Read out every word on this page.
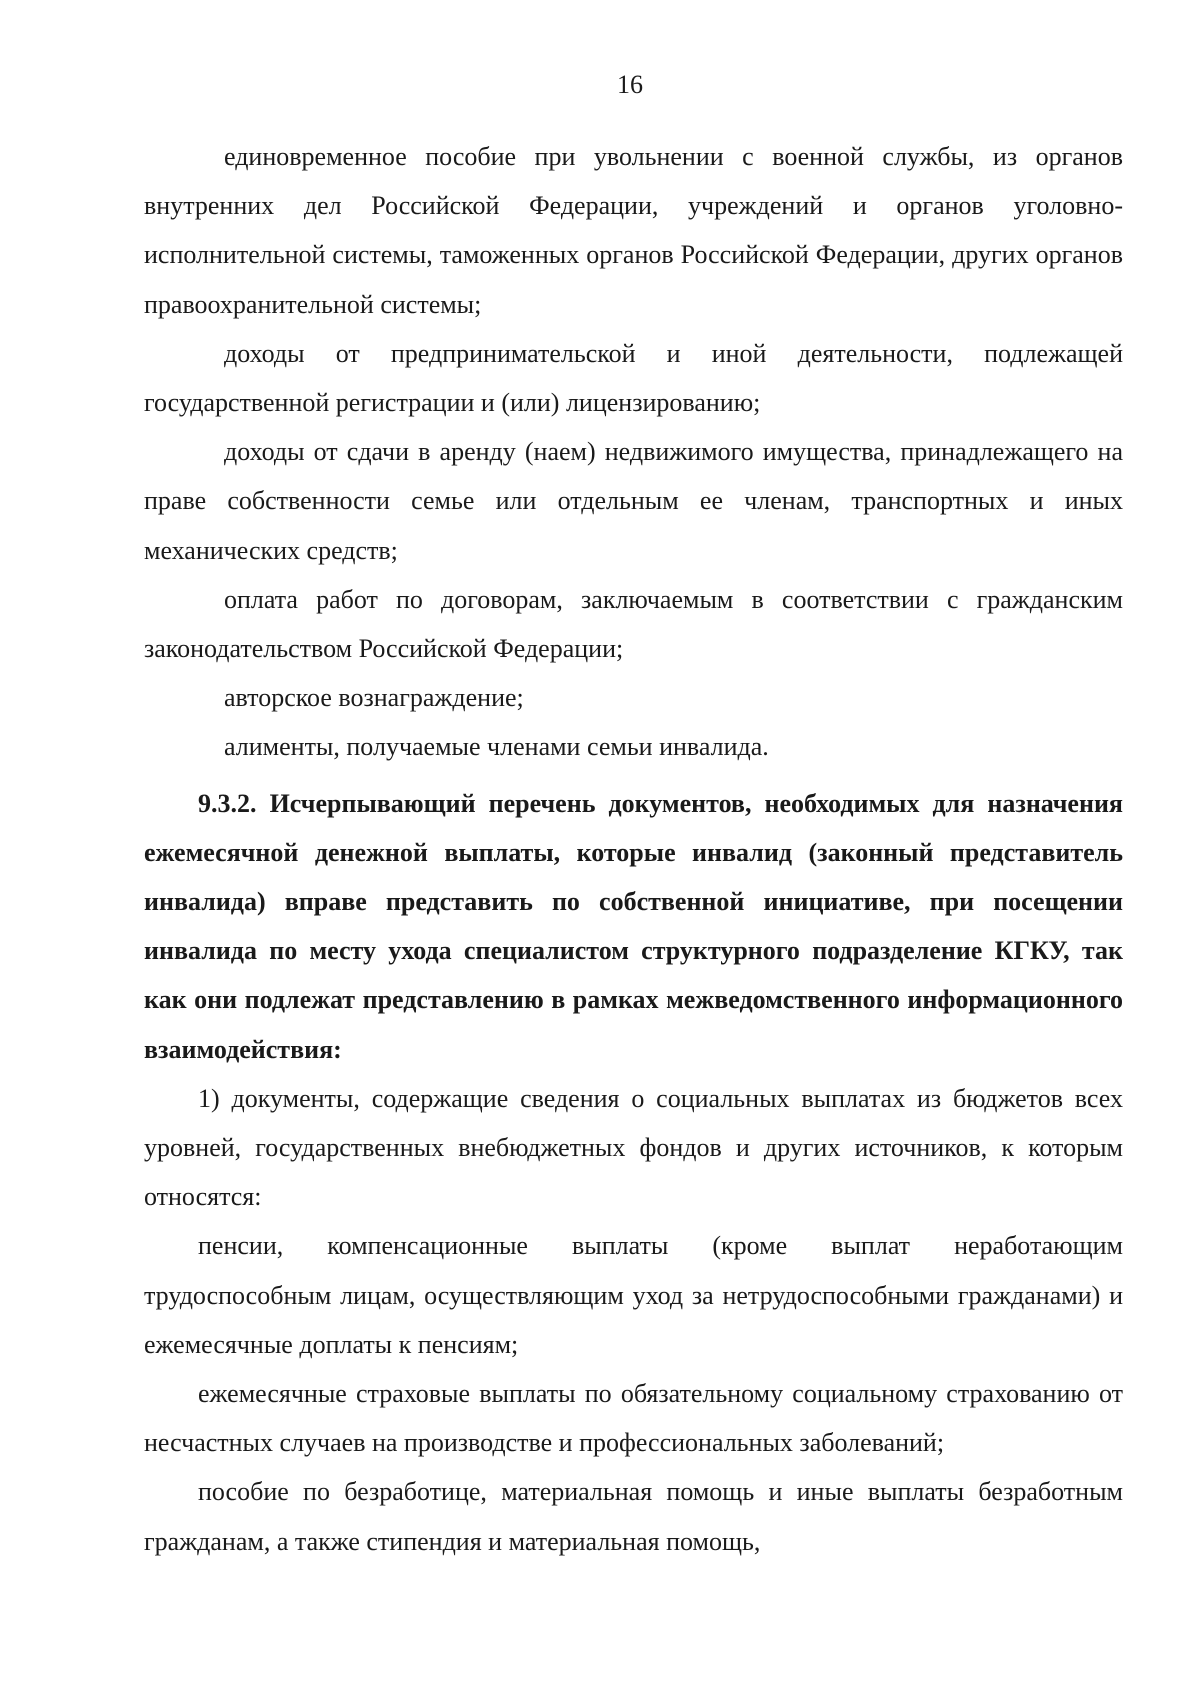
16

единовременное пособие при увольнении с военной службы, из органов внутренних дел Российской Федерации, учреждений и органов уголовно-исполнительной системы, таможенных органов Российской Федерации, других органов правоохранительной системы;

доходы от предпринимательской и иной деятельности, подлежащей государственной регистрации и (или) лицензированию;

доходы от сдачи в аренду (наем) недвижимого имущества, принадлежащего на праве собственности семье или отдельным ее членам, транспортных и иных механических средств;

оплата работ по договорам, заключаемым в соответствии с гражданским законодательством Российской Федерации;

авторское вознаграждение;

алименты, получаемые членами семьи инвалида.

9.3.2. Исчерпывающий перечень документов, необходимых для назначения ежемесячной денежной выплаты, которые инвалид (законный представитель инвалида) вправе представить по собственной инициативе, при посещении инвалида по месту ухода специалистом структурного подразделение КГКУ, так как они подлежат представлению в рамках межведомственного информационного взаимодействия:

1) документы, содержащие сведения о социальных выплатах из бюджетов всех уровней, государственных внебюджетных фондов и других источников, к которым относятся:

пенсии, компенсационные выплаты (кроме выплат неработающим трудоспособным лицам, осуществляющим уход за нетрудоспособными гражданами) и ежемесячные доплаты к пенсиям;

ежемесячные страховые выплаты по обязательному социальному страхованию от несчастных случаев на производстве и профессиональных заболеваний;

пособие по безработице, материальная помощь и иные выплаты безработным гражданам, а также стипендия и материальная помощь,
